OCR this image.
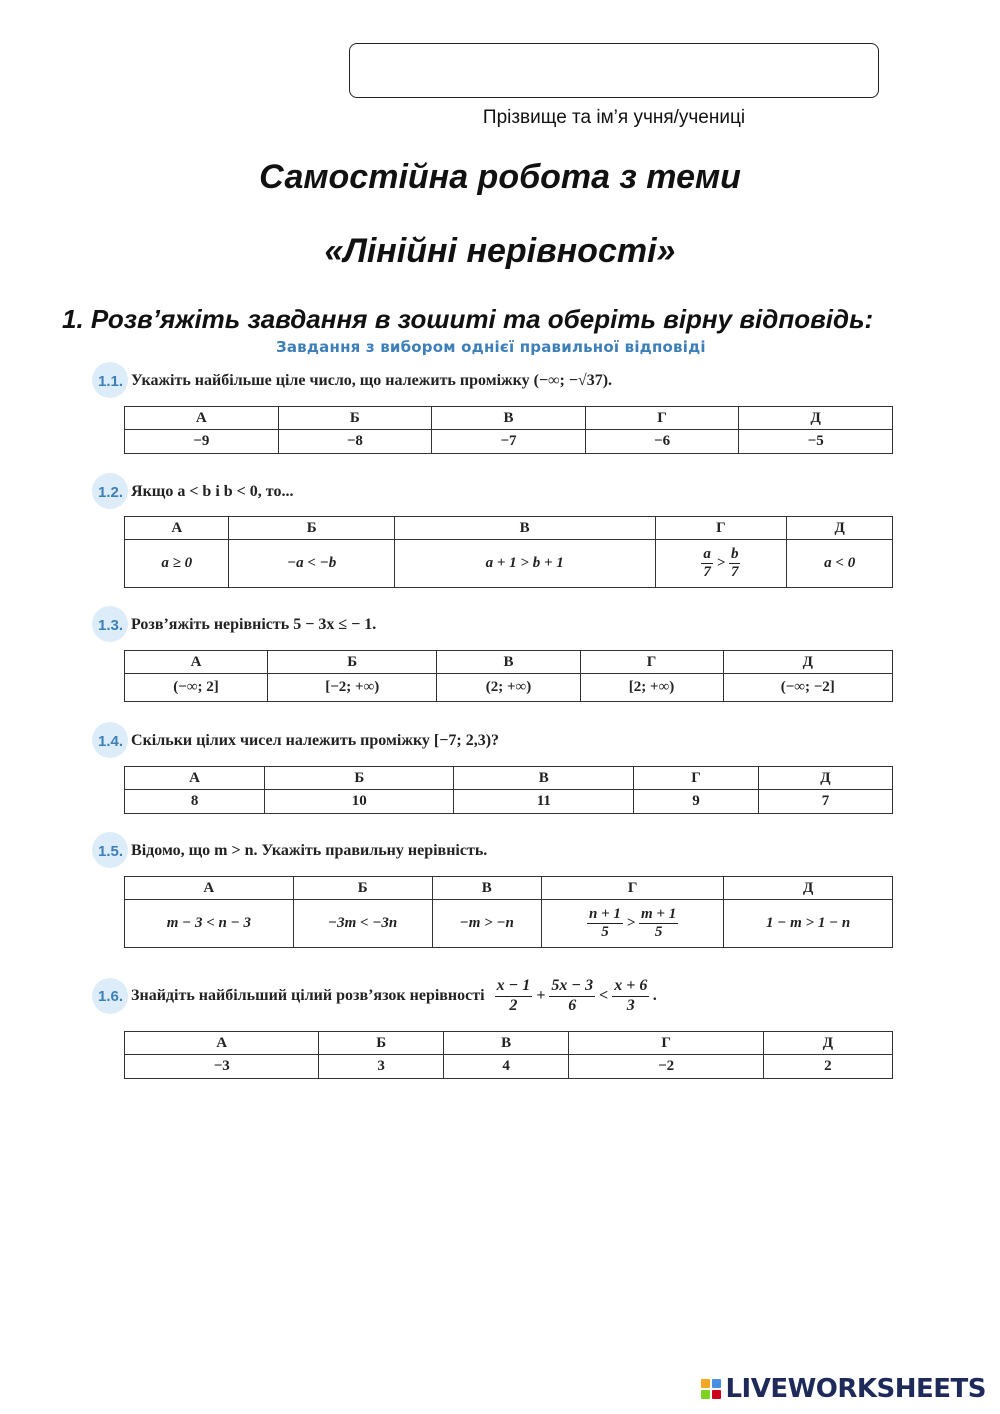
Прізвище та ім’я учня/учениці
Самостійна робота з теми
«Лінійні нерівності»
1. Розв’яжіть завдання в зошиті та оберіть вірну відповідь:
Завдання з вибором однієї правильної відповіді
1.1. Укажіть найбільше ціле число, що належить проміжку (−∞; −√37).
А	Б	В	Г	Д
−9	−8	−7	−6	−5
1.2. Якщо a < b і b < 0, то...
А	Б	В	Г	Д
a ≥ 0	−a < −b	a + 1 > b + 1	$\frac{a}{7} > \frac{b}{7}$	a < 0
1.3. Розв’яжіть нерівність 5 − 3x ≤ − 1.
А	Б	В	Г	Д
(−∞; 2]	[−2; +∞)	(2; +∞)	[2; +∞)	(−∞; −2]
1.4. Скільки цілих чисел належить проміжку [−7; 2,3)?
А	Б	В	Г	Д
8	10	11	9	7
1.5. Відомо, що m > n. Укажіть правильну нерівність.
А	Б	В	Г	Д
m − 3 < n − 3	−3m < −3n	−m > −n	$\frac{n + 1}{5} > \frac{m + 1}{5}$	1 − m > 1 − n
1.6. Знайдіть найбільший цілий розв’язок нерівності $\frac{x - 1}{2} + \frac{5x - 3}{6} < \frac{x + 6}{3}$ .
А	Б	В	Г	Д
−3	3	4	−2	2
LIVEWORKSHEETS
